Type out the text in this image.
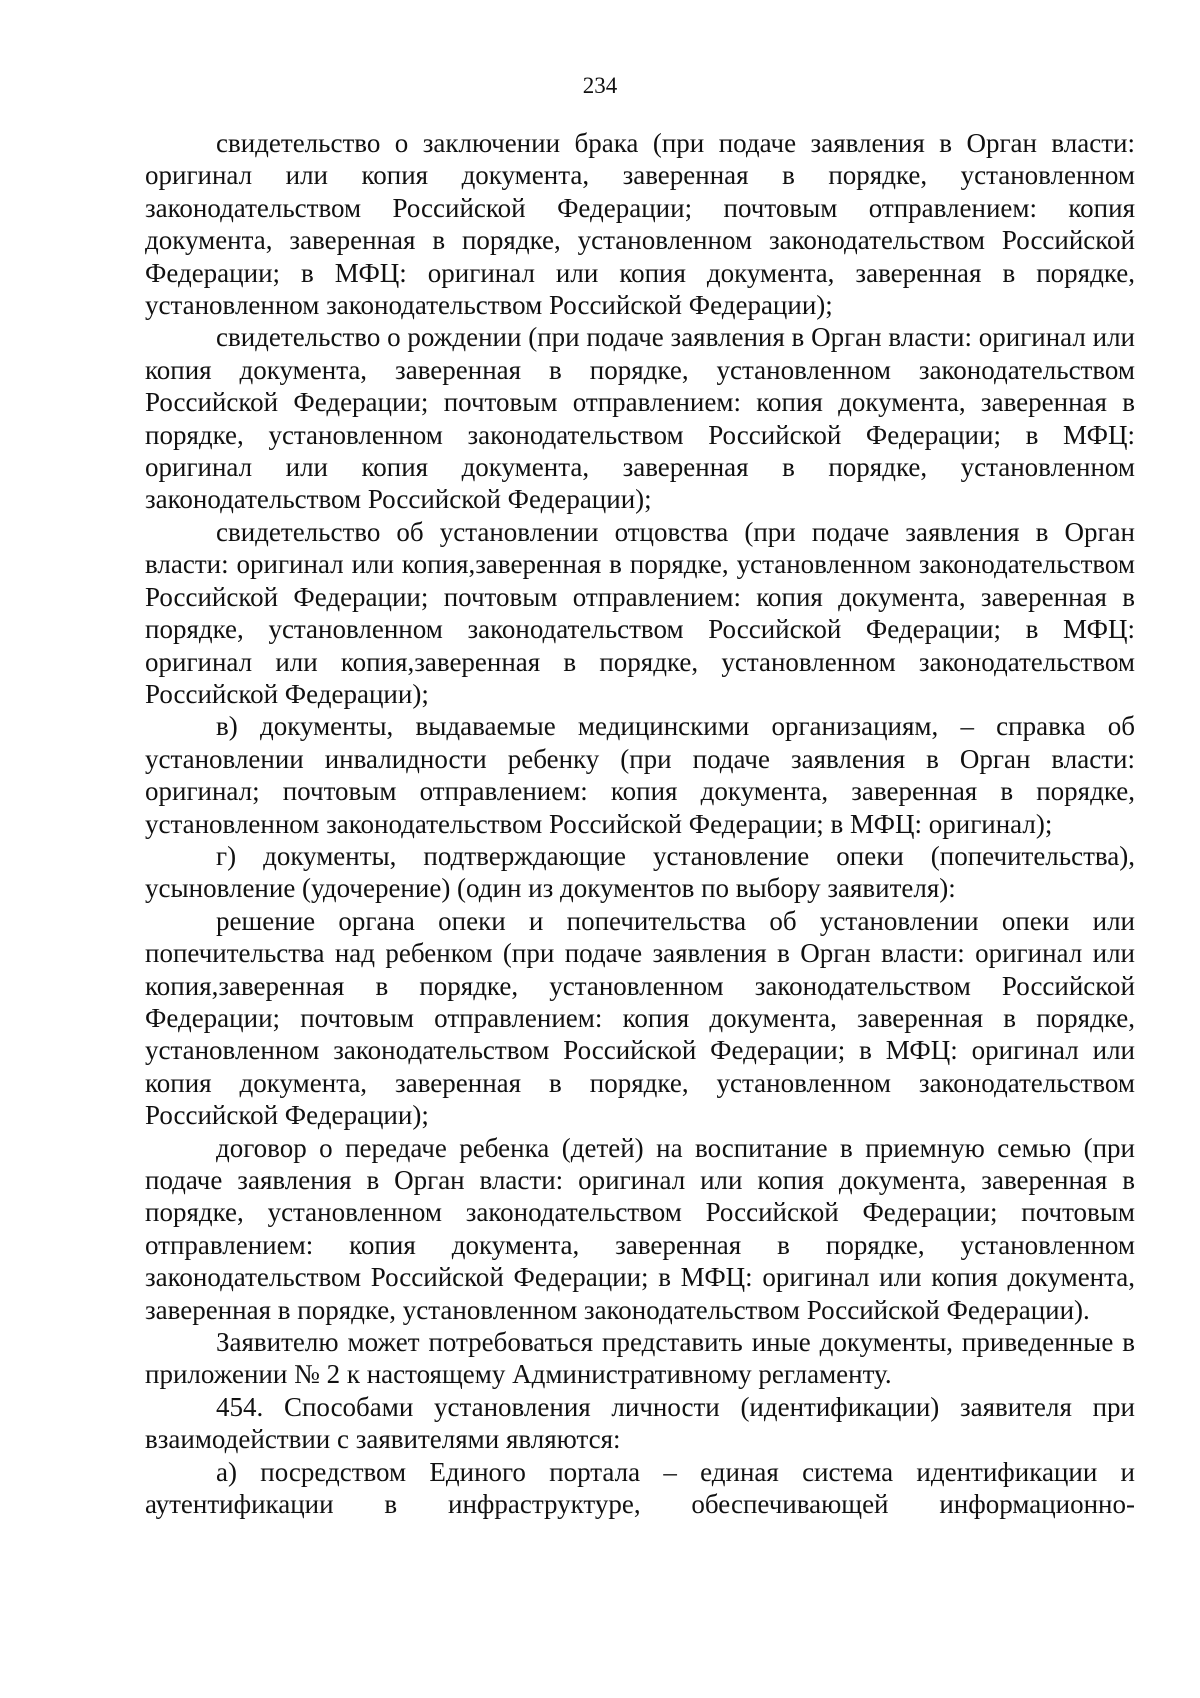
234

свидетельство о заключении брака (при подаче заявления в Орган власти: оригинал или копия документа, заверенная в порядке, установленном законодательством Российской Федерации; почтовым отправлением: копия документа, заверенная в порядке, установленном законодательством Российской Федерации; в МФЦ: оригинал или копия документа, заверенная в порядке, установленном законодательством Российской Федерации);

свидетельство о рождении (при подаче заявления в Орган власти: оригинал или копия документа, заверенная в порядке, установленном законодательством Российской Федерации; почтовым отправлением: копия документа, заверенная в порядке, установленном законодательством Российской Федерации; в МФЦ: оригинал или копия документа, заверенная в порядке, установленном законодательством Российской Федерации);

свидетельство об установлении отцовства (при подаче заявления в Орган власти: оригинал или копия,заверенная в порядке, установленном законодательством Российской Федерации; почтовым отправлением: копия документа, заверенная в порядке, установленном законодательством Российской Федерации; в МФЦ: оригинал или копия,заверенная в порядке, установленном законодательством Российской Федерации);

в) документы, выдаваемые медицинскими организациям, – справка об установлении инвалидности ребенку (при подаче заявления в Орган власти: оригинал; почтовым отправлением: копия документа, заверенная в порядке, установленном законодательством Российской Федерации; в МФЦ: оригинал);

г) документы, подтверждающие установление опеки (попечительства), усыновление (удочерение) (один из документов по выбору заявителя):

решение органа опеки и попечительства об установлении опеки или попечительства над ребенком (при подаче заявления в Орган власти: оригинал или копия,заверенная в порядке, установленном законодательством Российской Федерации; почтовым отправлением: копия документа, заверенная в порядке, установленном законодательством Российской Федерации; в МФЦ: оригинал или копия документа, заверенная в порядке, установленном законодательством Российской Федерации);

договор о передаче ребенка (детей) на воспитание в приемную семью (при подаче заявления в Орган власти: оригинал или копия документа, заверенная в порядке, установленном законодательством Российской Федерации; почтовым отправлением: копия документа, заверенная в порядке, установленном законодательством Российской Федерации; в МФЦ: оригинал или копия документа, заверенная в порядке, установленном законодательством Российской Федерации).

Заявителю может потребоваться представить иные документы, приведенные в приложении № 2 к настоящему Административному регламенту.

454. Способами установления личности (идентификации) заявителя при взаимодействии с заявителями являются:

а) посредством Единого портала – единая система идентификации и аутентификации в инфраструктуре, обеспечивающей информационно-
